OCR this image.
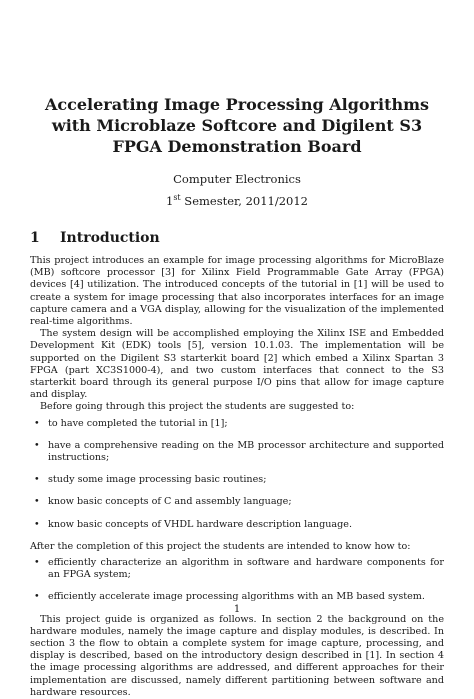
Accelerating Image Processing Algorithms with Microblaze Softcore and Digilent S3 FPGA Demonstration Board
Computer Electronics
1st Semester, 2011/2012
1 Introduction

This project introduces an example for image processing algorithms for MicroBlaze (MB) softcore processor [3] for Xilinx Field Programmable Gate Array (FPGA) devices [4] utilization. The introduced concepts of the tutorial in [1] will be used to create a system for image processing that also incorporates interfaces for an image capture camera and a VGA display, allowing for the visualization of the implemented real-time algorithms.

The system design will be accomplished employing the Xilinx ISE and Embedded Development Kit (EDK) tools [5], version 10.1.03. The implementation will be supported on the Digilent S3 starterkit board [2] which embed a Xilinx Spartan 3 FPGA (part XC3S1000-4), and two custom interfaces that connect to the S3 starterkit board through its general purpose I/O pins that allow for image capture and display.

Before going through this project the students are suggested to:

• to have completed the tutorial in [1];
• have a comprehensive reading on the MB processor architecture and supported instructions;
• study some image processing basic routines;
• know basic concepts of C and assembly language;
• know basic concepts of VHDL hardware description language.

After the completion of this project the students are intended to know how to:

• efficiently characterize an algorithm in software and hardware components for an FPGA system;
• efficiently accelerate image processing algorithms with an MB based system.

This project guide is organized as follows. In section 2 the background on the hardware modules, namely the image capture and display modules, is described. In section 3 the flow to obtain a complete system for image capture, processing, and display is described, based on the introductory design described in [1]. In section 4 the image processing algorithms are addressed, and different approaches for their implementation are discussed, namely different partitioning between software and hardware resources.

1
